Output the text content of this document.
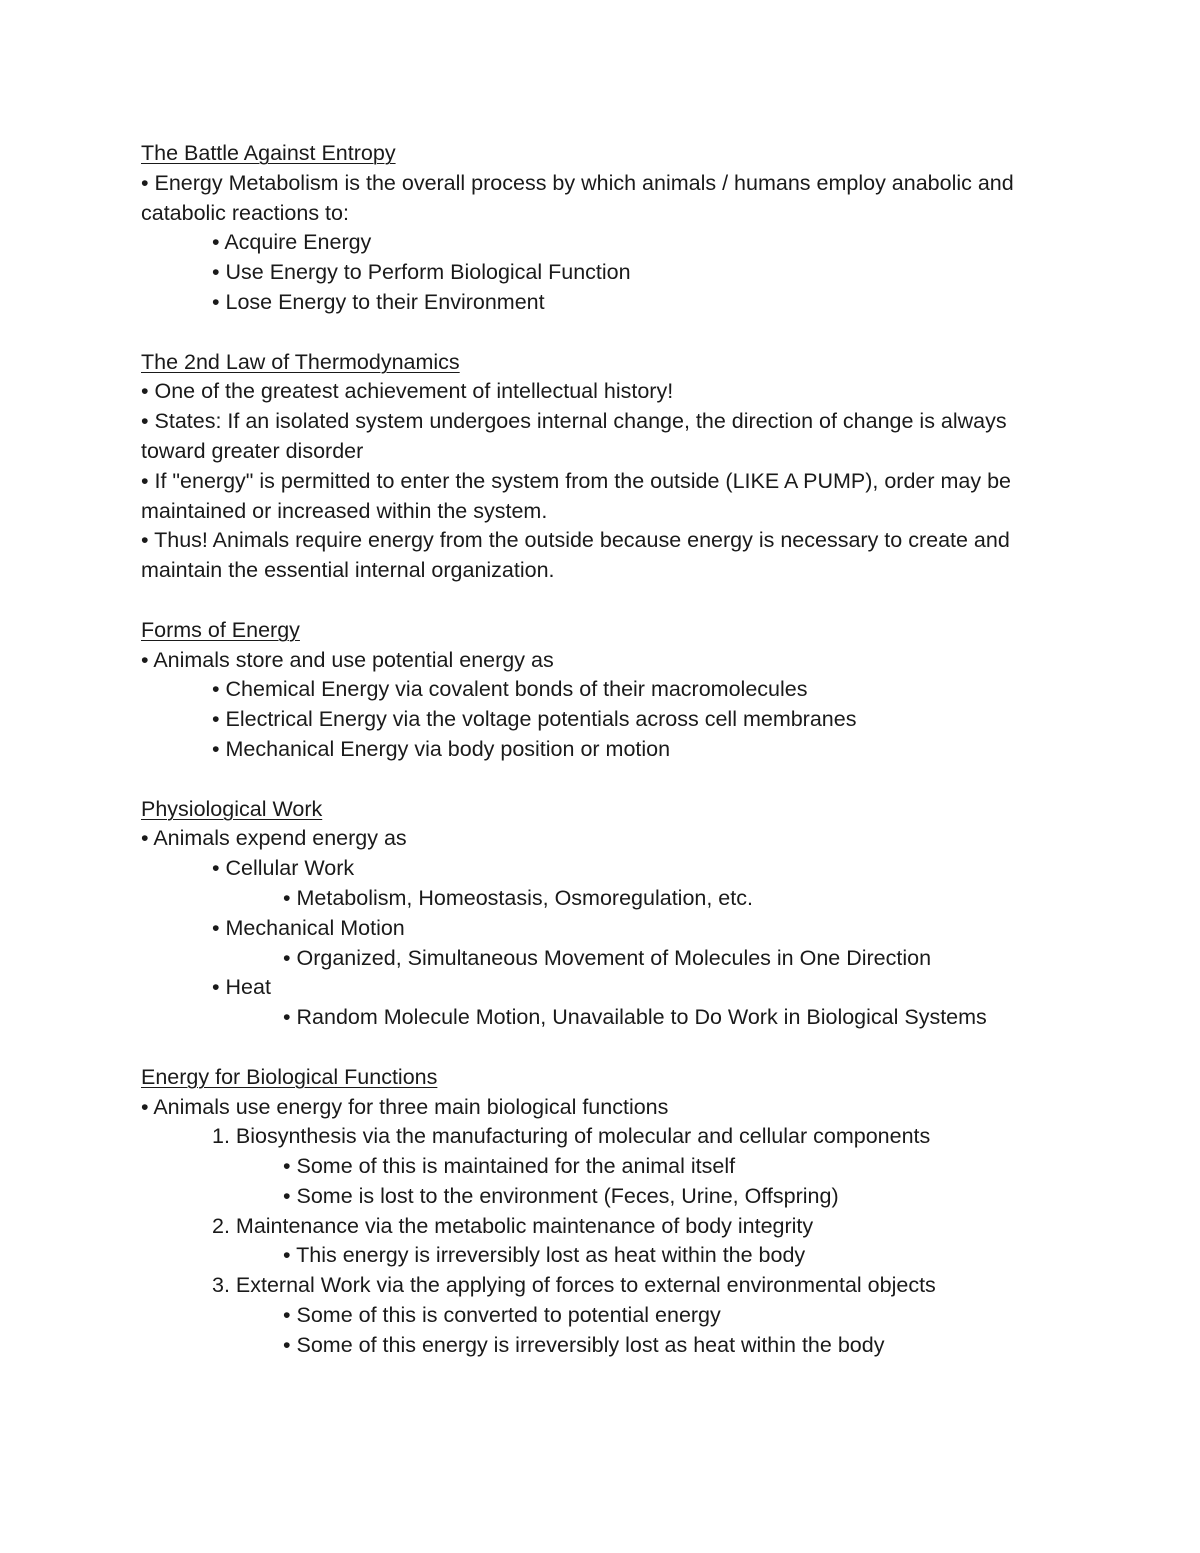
The Battle Against Entropy
• Energy Metabolism is the overall process by which animals / humans employ anabolic and catabolic reactions to:
• Acquire Energy
• Use Energy to Perform Biological Function
• Lose Energy to their Environment
The 2nd Law of Thermodynamics
• One of the greatest achievement of intellectual history!
• States: If an isolated system undergoes internal change, the direction of change is always toward greater disorder
• If "energy" is permitted to enter the system from the outside (LIKE A PUMP), order may be maintained or increased within the system.
• Thus! Animals require energy from the outside because energy is necessary to create and maintain the essential internal organization.
Forms of Energy
• Animals store and use potential energy as
• Chemical Energy via covalent bonds of their macromolecules
• Electrical Energy via the voltage potentials across cell membranes
• Mechanical Energy via body position or motion
Physiological Work
• Animals expend energy as
• Cellular Work
• Metabolism, Homeostasis, Osmoregulation, etc.
• Mechanical Motion
• Organized, Simultaneous Movement of Molecules in One Direction
• Heat
• Random Molecule Motion, Unavailable to Do Work in Biological Systems
Energy for Biological Functions
• Animals use energy for three main biological functions
1. Biosynthesis via the manufacturing of molecular and cellular components
• Some of this is maintained for the animal itself
• Some is lost to the environment (Feces, Urine, Offspring)
2. Maintenance via the metabolic maintenance of body integrity
• This energy is irreversibly lost as heat within the body
3. External Work via the applying of forces to external environmental objects
• Some of this is converted to potential energy
• Some of this energy is irreversibly lost as heat within the body
